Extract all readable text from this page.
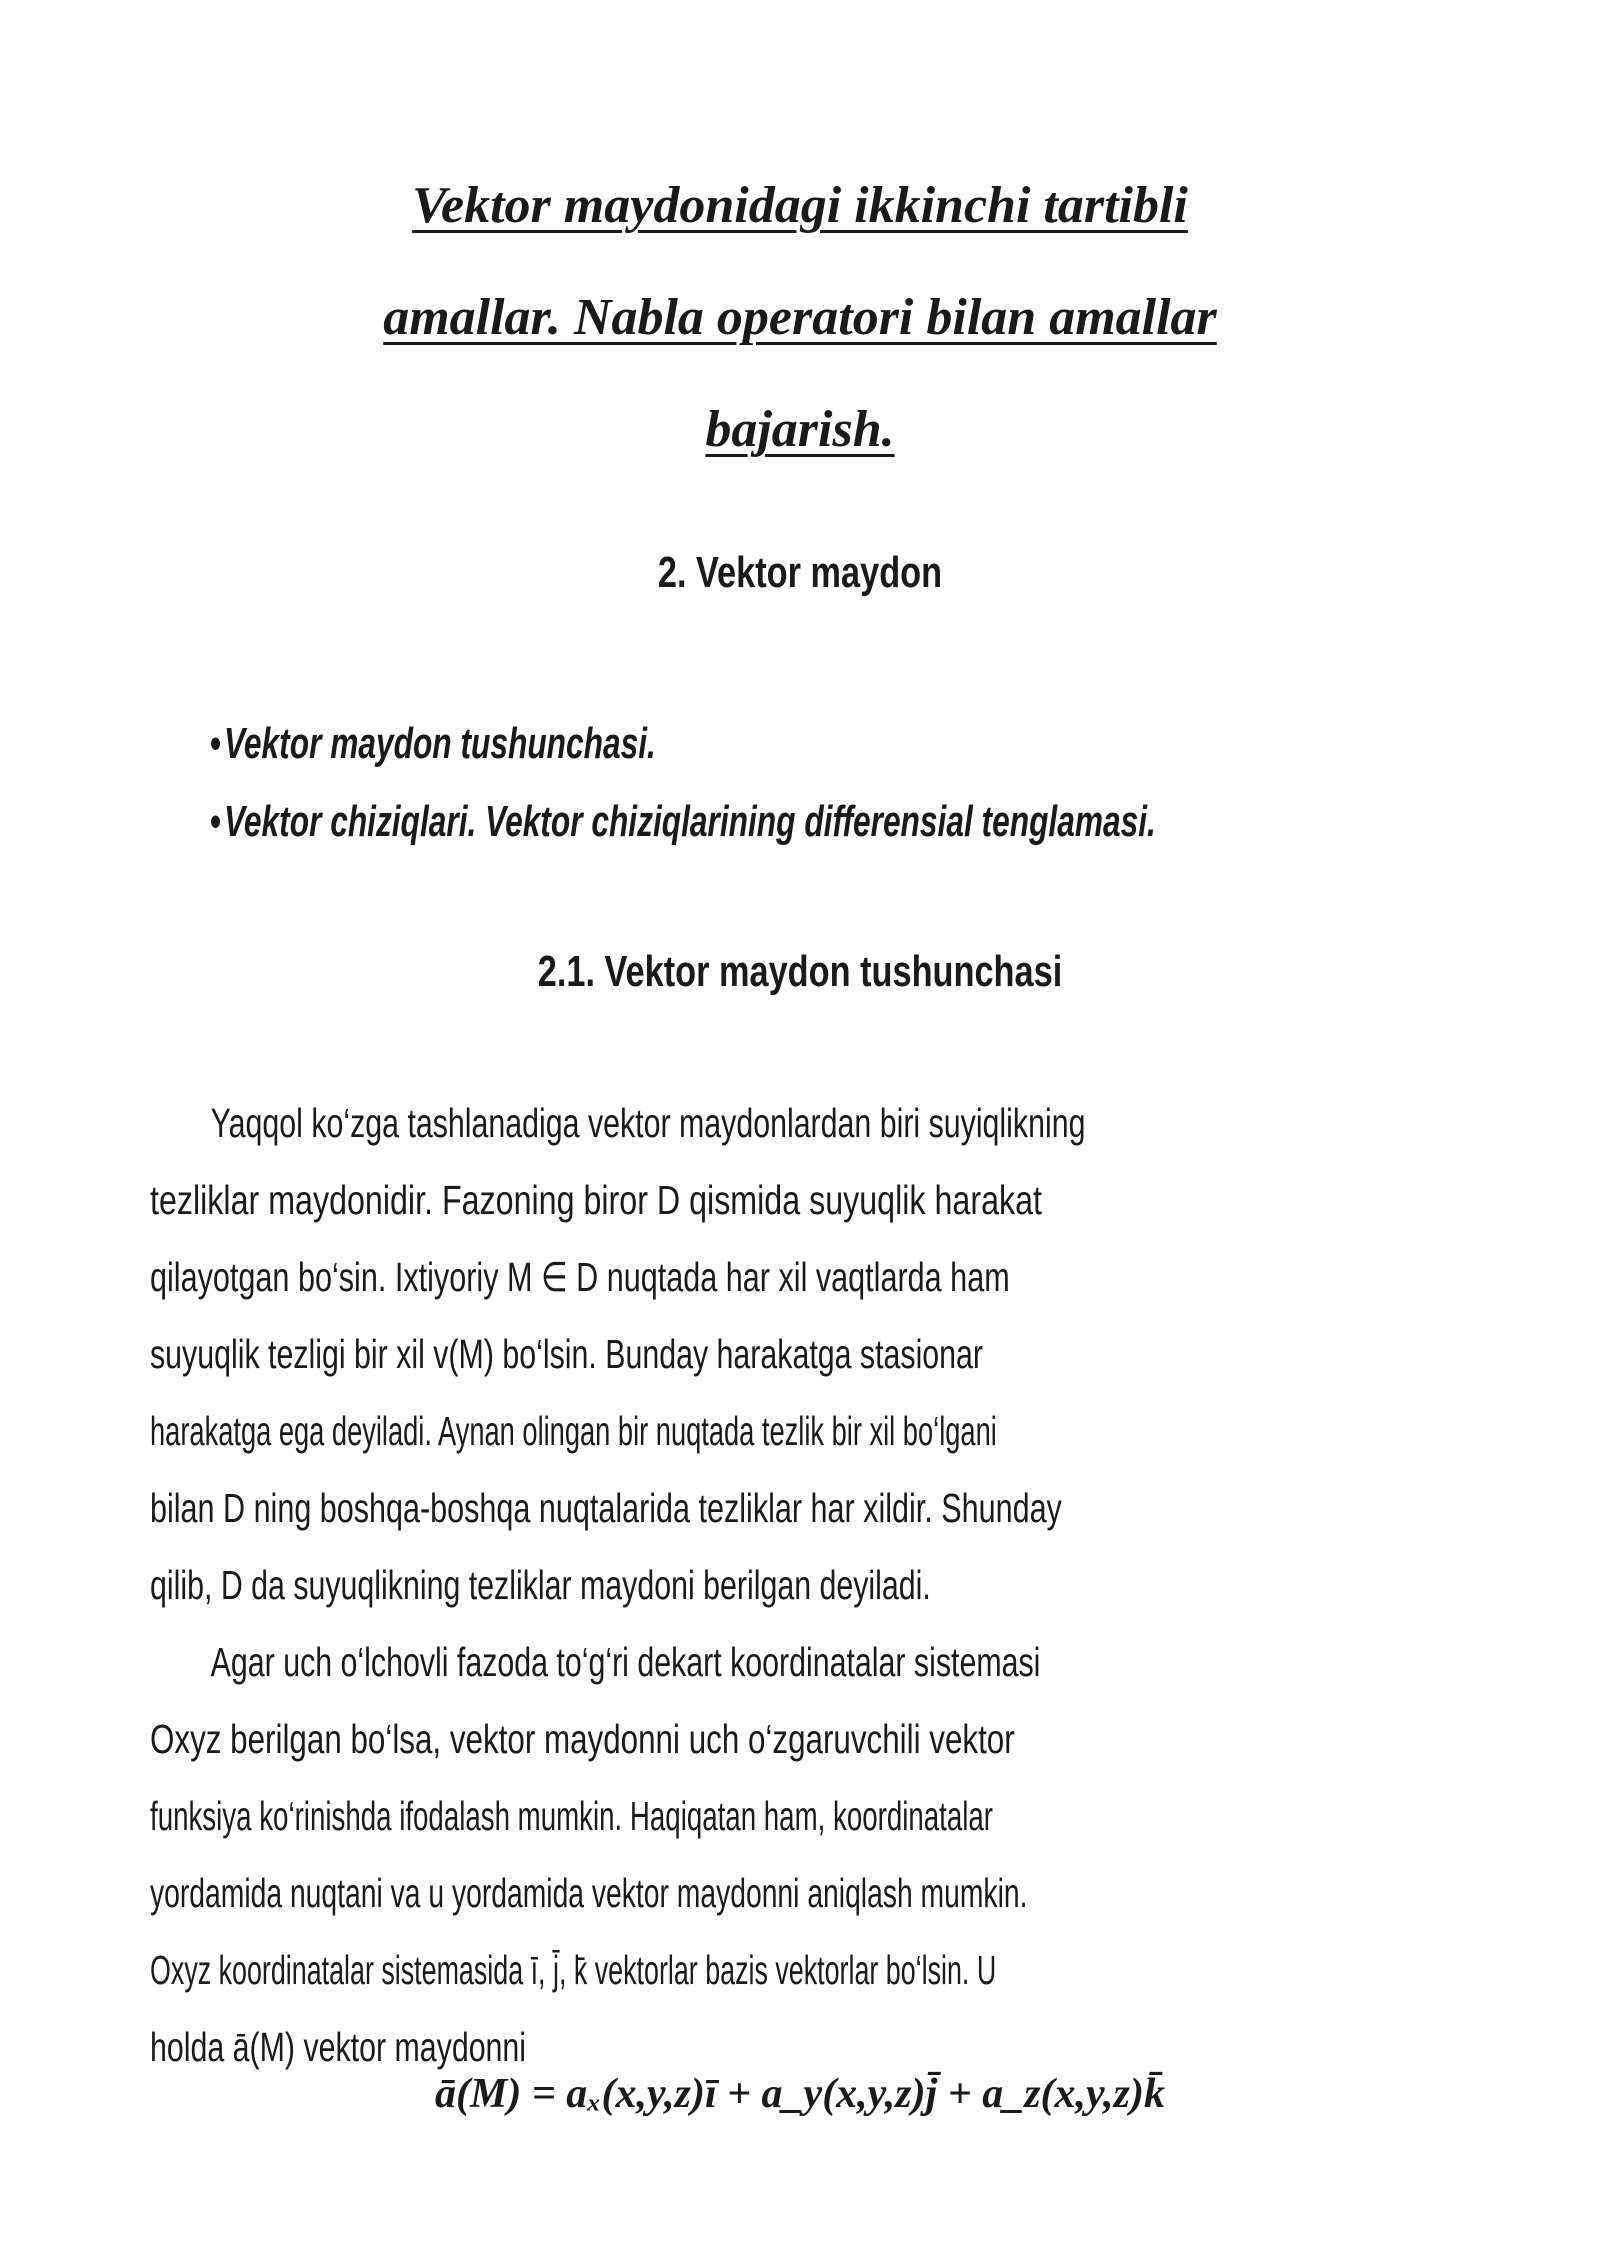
Vektor maydonidagi ikkinchi tartibli
amallar. Nabla operatori bilan amallar
bajarish.
2. Vektor maydon
•Vektor maydon tushunchasi.
•Vektor chiziqlari. Vektor chiziqlarining differensial tenglamasi.
2.1. Vektor maydon tushunchasi
Yaqqol ko‘zga tashlanadiga vektor maydonlardan biri suyiqlikning
tezliklar maydonidir. Fazoning biror D qismida suyuqlik harakat
qilayotgan bo‘sin. Ixtiyoriy M ∈ D nuqtada har xil vaqtlarda ham
suyuqlik tezligi bir xil v(M) bo‘lsin. Bunday harakatga stasionar
harakatga ega deyiladi. Aynan olingan bir nuqtada tezlik bir xil bo‘lgani
bilan D ning boshqa-boshqa nuqtalarida tezliklar har xildir. Shunday
qilib, D da suyuqlikning tezliklar maydoni berilgan deyiladi.
Agar uch o‘lchovli fazoda to‘g‘ri dekart koordinatalar sistemasi
Oxyz berilgan bo‘lsa, vektor maydonni uch o‘zgaruvchili vektor
funksiya ko‘rinishda ifodalash mumkin. Haqiqatan ham, koordinatalar
yordamida nuqtani va u yordamida vektor maydonni aniqlash mumkin.
Oxyz koordinatalar sistemasida ī, j̄, k̄ vektorlar bazis vektorlar bo‘lsin. U
holda ā(M) vektor maydonni
ā(M) = aₓ(x,y,z)ī + a_y(x,y,z)j̄ + a_z(x,y,z)k̄
